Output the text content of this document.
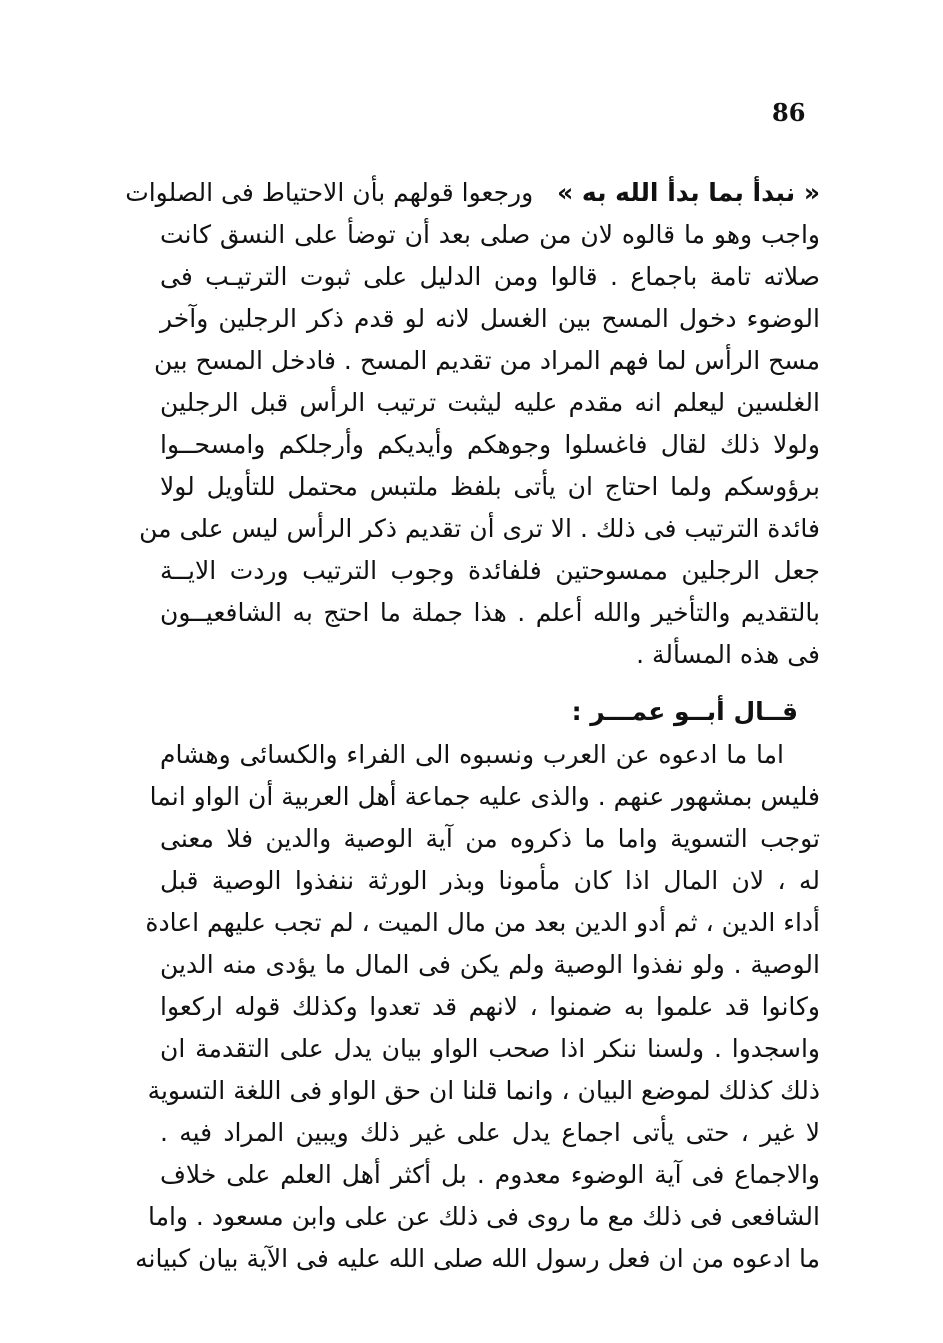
86
« نبدأ بما بدأ الله به »   ورجعوا قولهم بأن الاحتياط فى الصلوات
واجب وهو ما قالوه لان من صلى بعد أن توضأ على النسق كانت
صلاته تامة باجماع . قالوا ومن الدليل على ثبوت الترتيـب فى
الوضوء دخول المسح بين الغسل لانه لو قدم ذكر الرجلين وآخر
مسح الرأس لما فهم المراد من تقديم المسح . فادخل المسح بين
الغلسين ليعلم انه مقدم عليه ليثبت ترتيب الرأس قبل الرجلين
ولولا ذلك لقال فاغسلوا وجوهكم وأيديكم وأرجلكم وامسحــوا
برؤوسكم ولما احتاج ان يأتى بلفظ ملتبس محتمل للتأويل لولا
فائدة الترتيب فى ذلك . الا ترى أن تقديم ذكر الرأس ليس على من
جعل الرجلين ممسوحتين فلفائدة وجوب الترتيب وردت الايــة
بالتقديم والتأخير والله أعلم . هذا جملة ما احتج به الشافعيــون
فى هذه المسألة .
قــال أبــو عمـــر :
اما ما ادعوه عن العرب ونسبوه الى الفراء والكسائى وهشام
فليس بمشهور عنهم . والذى عليه جماعة أهل العربية أن الواو انما
توجب التسوية واما ما ذكروه من آية الوصية والدين فلا معنى
له ، لان المال اذا كان مأمونا وبذر الورثة ننفذوا الوصية قبل
أداء الدين ، ثم أدو الدين بعد من مال الميت ، لم تجب عليهم اعادة
الوصية . ولو نفذوا الوصية ولم يكن فى المال ما يؤدى منه الدين
وكانوا قد علموا به ضمنوا ، لانهم قد تعدوا وكذلك قوله اركعوا
واسجدوا . ولسنا ننكر اذا صحب الواو بيان يدل على التقدمة ان
ذلك كذلك لموضع البيان ، وانما قلنا ان حق الواو فى اللغة التسوية
لا غير ، حتى يأتى اجماع يدل على غير ذلك ويبين المراد فيه .
والاجماع فى آية الوضوء معدوم . بل أكثر أهل العلم على خلاف
الشافعى فى ذلك مع ما روى فى ذلك عن على وابن مسعود . واما
ما ادعوه من ان فعل رسول الله صلى الله عليه فى الآية بيان كبيانه
